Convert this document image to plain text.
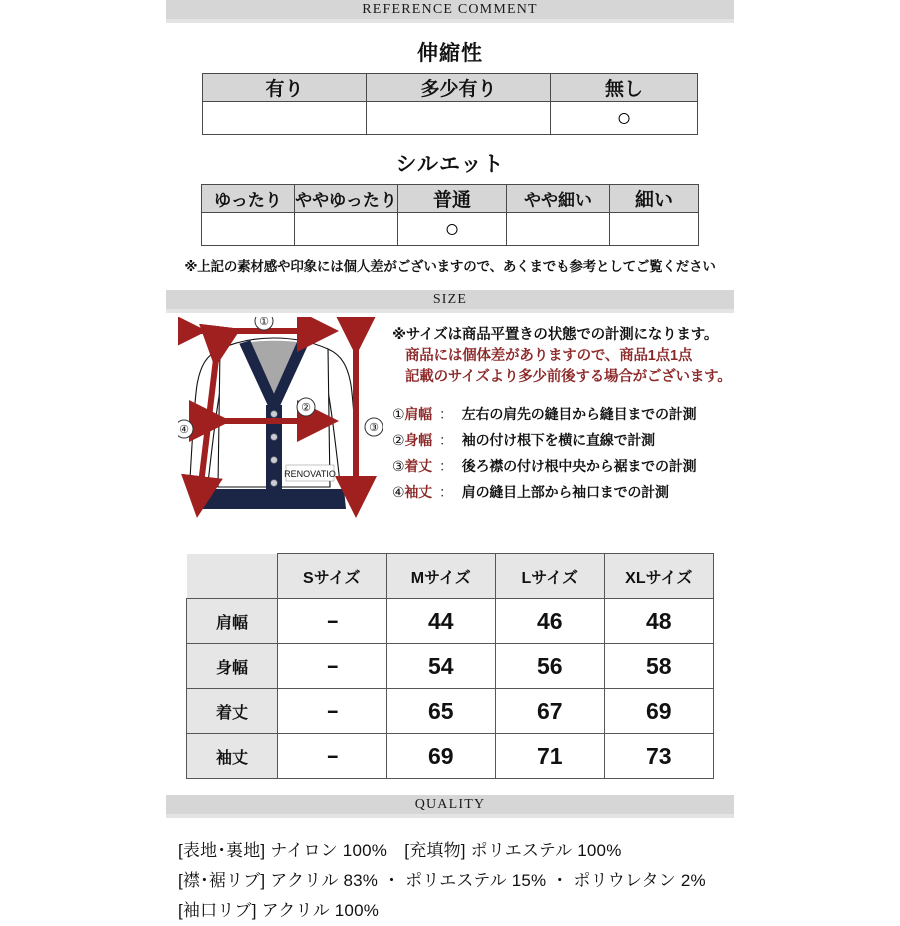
REFERENCE COMMENT
伸縮性
有り	多少有り	無し
		○
シルエット
ゆったり	ややゆったり	普通	やや細い	細い
		○		
※上記の素材感や印象には個人差がございますので、あくまでも参考としてご覧ください
SIZE
RENOVATIO
①
②
③
④
※サイズは商品平置きの状態での計測になります。
商品には個体差がありますので、商品1点1点
記載のサイズより多少前後する場合がございます。
①肩幅 ： 左右の肩先の縫目から縫目までの計測
②身幅 ： 袖の付け根下を横に直線で計測
③着丈 ： 後ろ襟の付け根中央から裾までの計測
④袖丈 ： 肩の縫目上部から袖口までの計測
	Sサイズ	Mサイズ	Lサイズ	XLサイズ
肩幅	--	44	46	48
身幅	--	54	56	58
着丈	--	65	67	69
袖丈	--	69	71	73
QUALITY
[表地･裏地] ナイロン 100%　[充填物] ポリエステル 100%
[襟･裾リブ] アクリル 83% ・ ポリエステル 15% ・ ポリウレタン 2%
[袖口リブ] アクリル 100%
